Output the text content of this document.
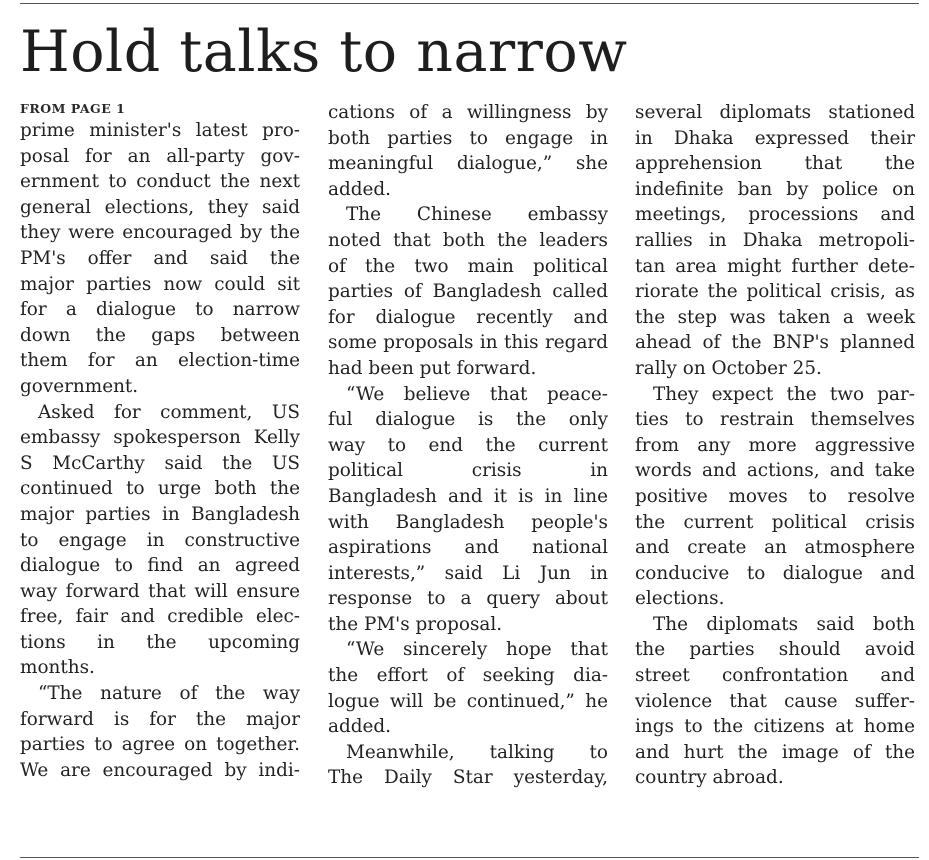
Hold talks to narrow
FROM PAGE 1
prime minister's latest pro-
posal for an all-party gov-
ernment to conduct the next
general elections, they said
they were encouraged by the
PM's offer and said the
major parties now could sit
for a dialogue to narrow
down the gaps between
them for an election-time
government.
Asked for comment, US
embassy spokesperson Kelly
S McCarthy said the US
continued to urge both the
major parties in Bangladesh
to engage in constructive
dialogue to find an agreed
way forward that will ensure
free, fair and credible elec-
tions in the upcoming
months.
“The nature of the way
forward is for the major
parties to agree on together.
We are encouraged by indi-
cations of a willingness by
both parties to engage in
meaningful dialogue,” she
added.
The Chinese embassy
noted that both the leaders
of the two main political
parties of Bangladesh called
for dialogue recently and
some proposals in this regard
had been put forward.
“We believe that peace-
ful dialogue is the only
way to end the current
political crisis in
Bangladesh and it is in line
with Bangladesh people's
aspirations and national
interests,” said Li Jun in
response to a query about
the PM's proposal.
“We sincerely hope that
the effort of seeking dia-
logue will be continued,” he
added.
Meanwhile, talking to
The Daily Star yesterday,
several diplomats stationed
in Dhaka expressed their
apprehension that the
indefinite ban by police on
meetings, processions and
rallies in Dhaka metropoli-
tan area might further dete-
riorate the political crisis, as
the step was taken a week
ahead of the BNP's planned
rally on October 25.
They expect the two par-
ties to restrain themselves
from any more aggressive
words and actions, and take
positive moves to resolve
the current political crisis
and create an atmosphere
conducive to dialogue and
elections.
The diplomats said both
the parties should avoid
street confrontation and
violence that cause suffer-
ings to the citizens at home
and hurt the image of the
country abroad.
